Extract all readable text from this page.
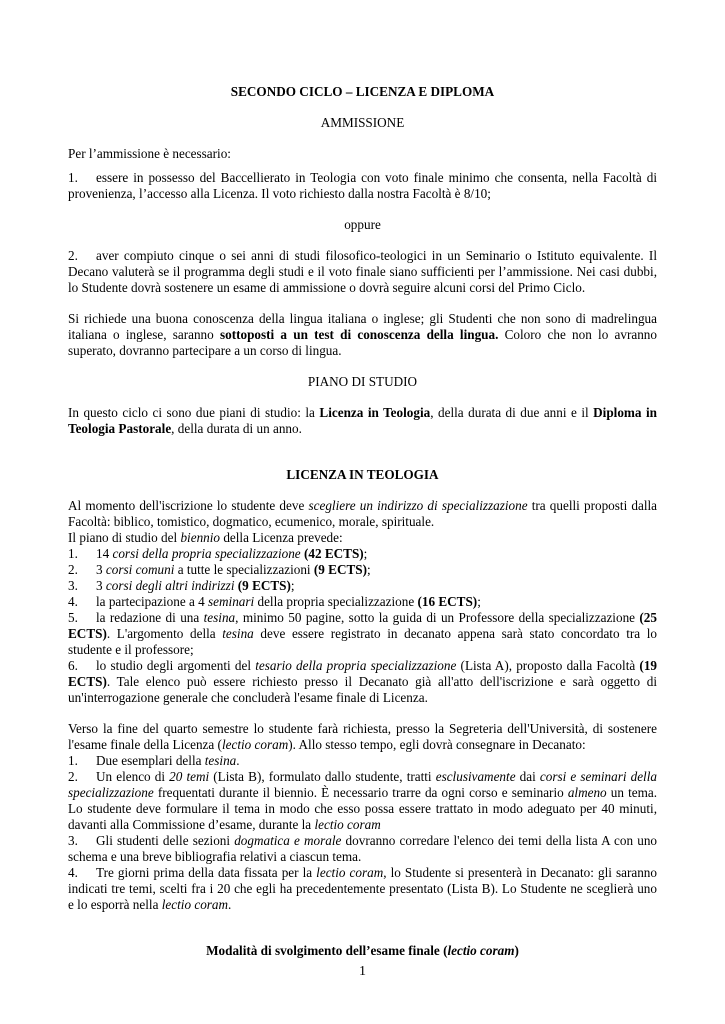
SECONDO CICLO – LICENZA E DIPLOMA

AMMISSIONE

Per l’ammissione è necessario:

1. essere in possesso del Baccellierato in Teologia con voto finale minimo che consenta, nella Facoltà di provenienza, l’accesso alla Licenza. Il voto richiesto dalla nostra Facoltà è 8/10;

oppure

2. aver compiuto cinque o sei anni di studi filosofico-teologici in un Seminario o Istituto equivalente. Il Decano valuterà se il programma degli studi e il voto finale siano sufficienti per l’ammissione. Nei casi dubbi, lo Studente dovrà sostenere un esame di ammissione o dovrà seguire alcuni corsi del Primo Ciclo.

Si richiede una buona conoscenza della lingua italiana o inglese; gli Studenti che non sono di madrelingua italiana o inglese, saranno sottoposti a un test di conoscenza della lingua. Coloro che non lo avranno superato, dovranno partecipare a un corso di lingua.

PIANO DI STUDIO

In questo ciclo ci sono due piani di studio: la Licenza in Teologia, della durata di due anni e il Diploma in Teologia Pastorale, della durata di un anno.

LICENZA IN TEOLOGIA

Al momento dell'iscrizione lo studente deve scegliere un indirizzo di specializzazione tra quelli proposti dalla Facoltà: biblico, tomistico, dogmatico, ecumenico, morale, spirituale.

Il piano di studio del biennio della Licenza prevede:

1. 14 corsi della propria specializzazione (42 ECTS);

2. 3 corsi comuni a tutte le specializzazioni (9 ECTS);

3. 3 corsi degli altri indirizzi (9 ECTS);

4. la partecipazione a 4 seminari della propria specializzazione (16 ECTS);

5. la redazione di una tesina, minimo 50 pagine, sotto la guida di un Professore della specializzazione (25 ECTS). L'argomento della tesina deve essere registrato in decanato appena sarà stato concordato tra lo studente e il professore;

6. lo studio degli argomenti del tesario della propria specializzazione (Lista A), proposto dalla Facoltà (19 ECTS). Tale elenco può essere richiesto presso il Decanato già all'atto dell'iscrizione e sarà oggetto di un'interrogazione generale che concluderà l'esame finale di Licenza.

Verso la fine del quarto semestre lo studente farà richiesta, presso la Segreteria dell'Università, di sostenere l'esame finale della Licenza (lectio coram). Allo stesso tempo, egli dovrà consegnare in Decanato:

1. Due esemplari della tesina.

2. Un elenco di 20 temi (Lista B), formulato dallo studente, tratti esclusivamente dai corsi e seminari della specializzazione frequentati durante il biennio. È necessario trarre da ogni corso e seminario almeno un tema. Lo studente deve formulare il tema in modo che esso possa essere trattato in modo adeguato per 40 minuti, davanti alla Commissione d’esame, durante la lectio coram

3. Gli studenti delle sezioni dogmatica e morale dovranno corredare l'elenco dei temi della lista A con uno schema e una breve bibliografia relativi a ciascun tema.

4. Tre giorni prima della data fissata per la lectio coram, lo Studente si presenterà in Decanato: gli saranno indicati tre temi, scelti fra i 20 che egli ha precedentemente presentato (Lista B). Lo Studente ne sceglierà uno e lo esporrà nella lectio coram.

Modalità di svolgimento dell’esame finale (lectio coram)

1
